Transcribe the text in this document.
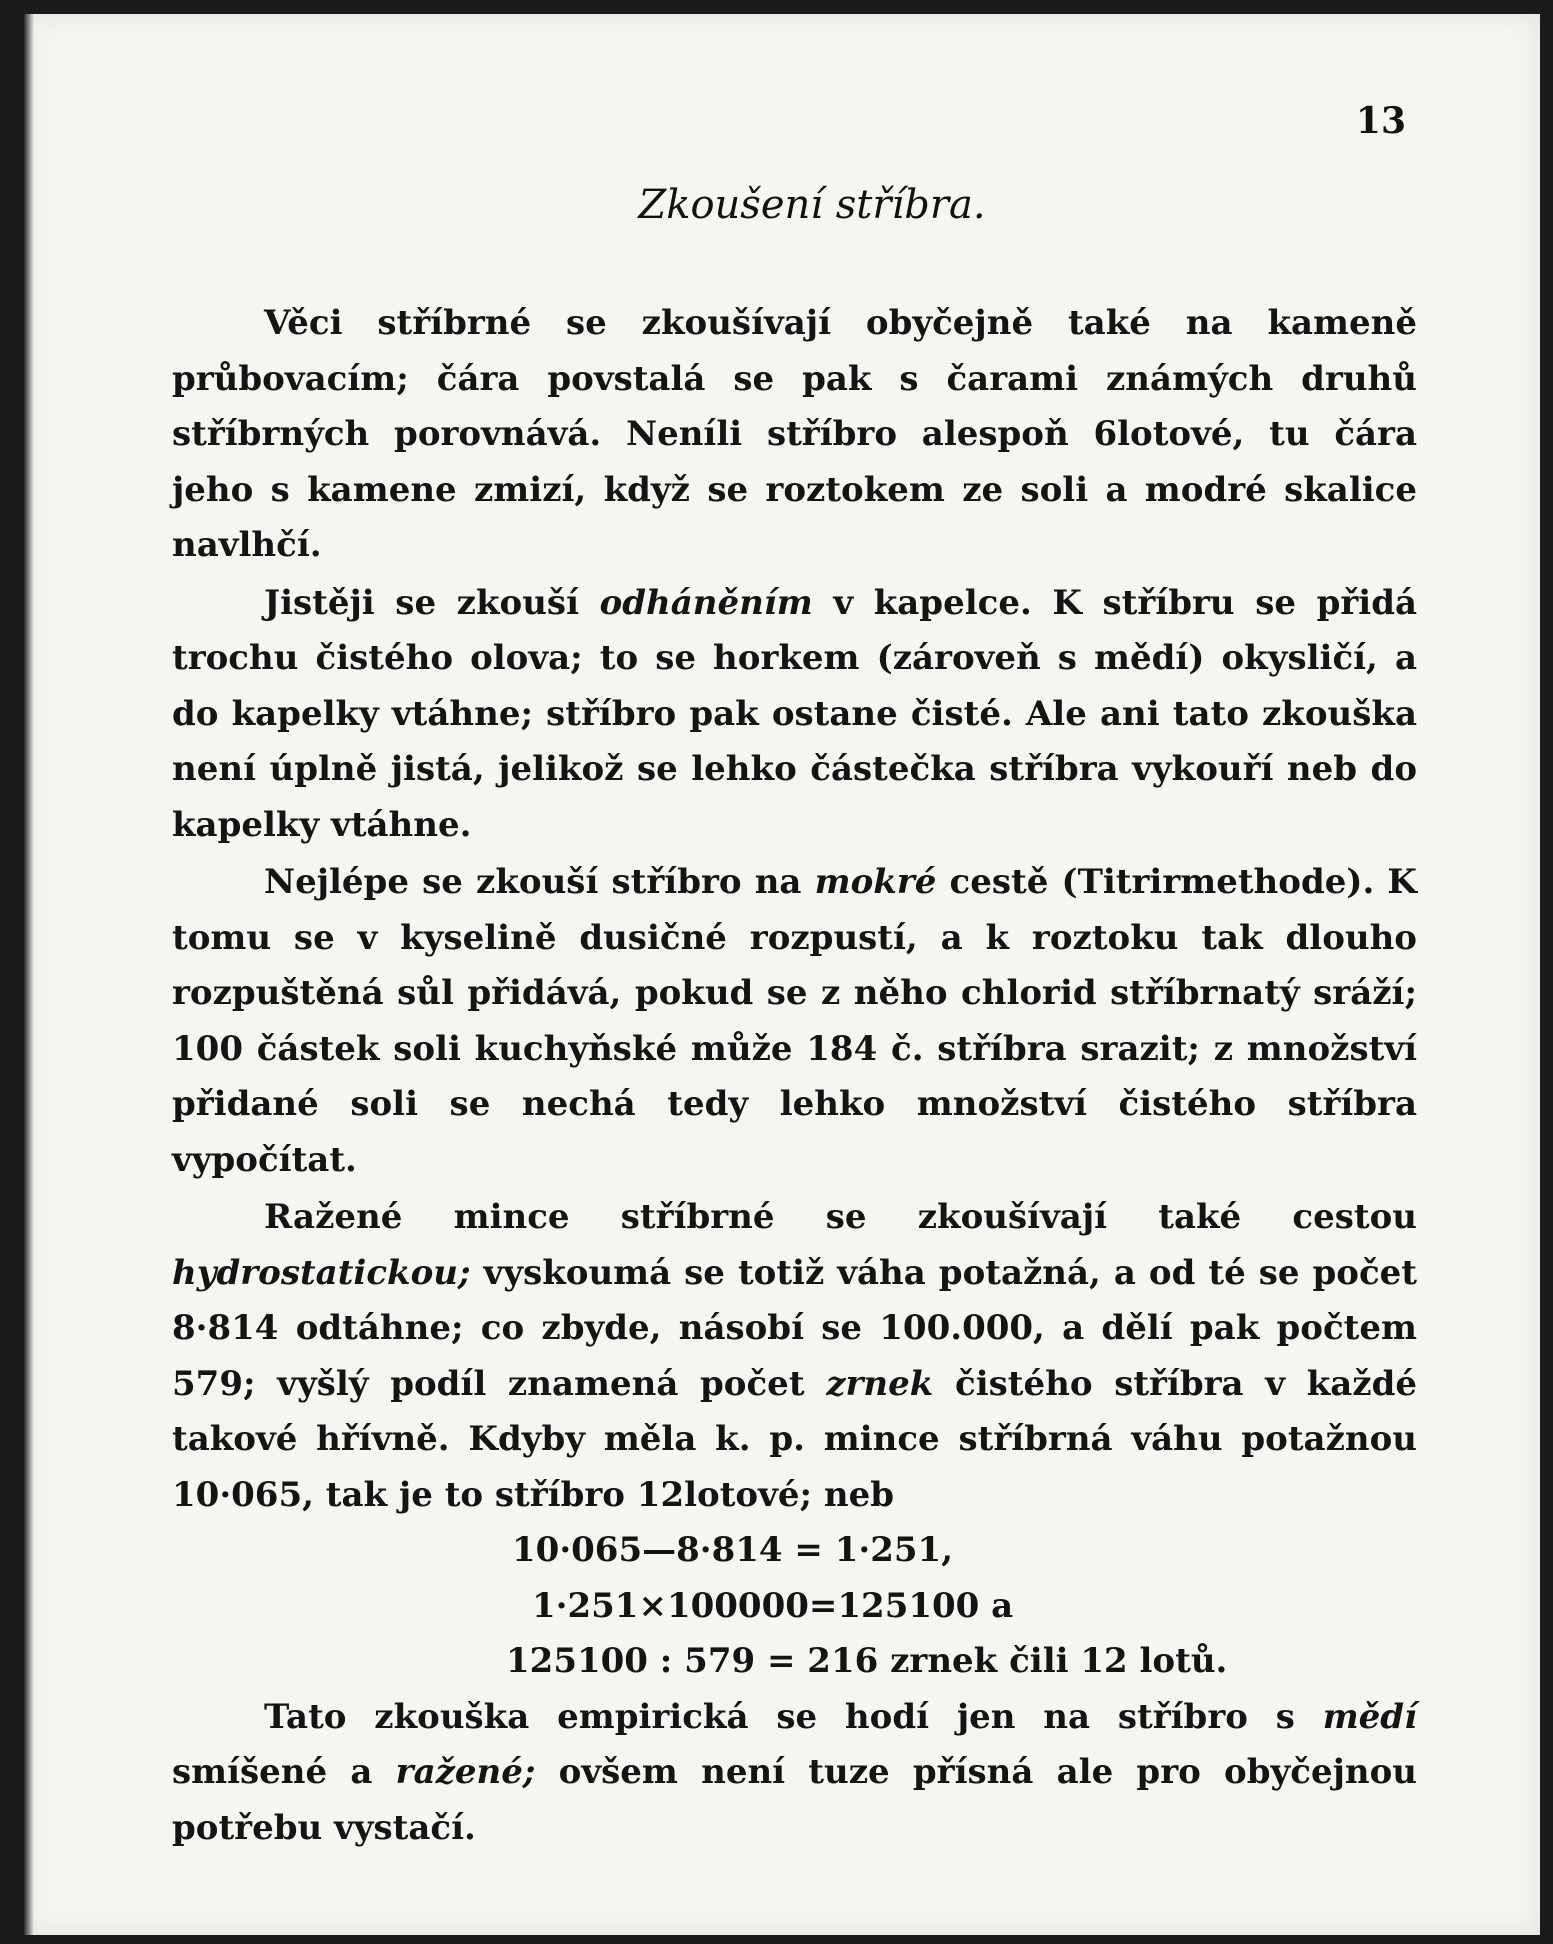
13
Zkoušení stříbra.

Věci stříbrné se zkoušívají obyčejně také na kameně průbovacím; čára povstalá se pak s čarami známých druhů stříbrných porovnává. Neníli stříbro alespoň 6lotové, tu čára jeho s kamene zmizí, když se roztokem ze soli a modré skalice navlhčí.

Jistěji se zkouší odháněním v kapelce. K stříbru se přidá trochu čistého olova; to se horkem (zároveň s mědí) okysličí, a do kapelky vtáhne; stříbro pak ostane čisté. Ale ani tato zkouška není úplně jistá, jelikož se lehko částečka stříbra vykouří neb do kapelky vtáhne.

Nejlépe se zkouší stříbro na mokré cestě (Titrirmethode). K tomu se v kyselině dusičné rozpustí, a k roztoku tak dlouho rozpuštěná sůl přidává, pokud se z něho chlorid stříbrnatý sráží; 100 částek soli kuchyňské může 184 č. stříbra srazit; z množství přidané soli se nechá tedy lehko množství čistého stříbra vypočítat.

Ražené mince stříbrné se zkoušívají také cestou hydrostatickou; vyskoumá se totiž váha potažná, a od té se počet 8·814 odtáhne; co zbyde, násobí se 100.000, a dělí pak počtem 579; vyšlý podíl znamená počet zrnek čistého stříbra v každé takové hřívně. Kdyby měla k. p. mince stříbrná váhu potažnou 10·065, tak je to stříbro 12lotové; neb

10·065—8·814 = 1·251,
1·251×100000=125100 a
125100 : 579 = 216 zrnek čili 12 lotů.

Tato zkouška empirická se hodí jen na stříbro s mědí smíšené a ražené; ovšem není tuze přísná ale pro obyčejnou potřebu vystačí.
